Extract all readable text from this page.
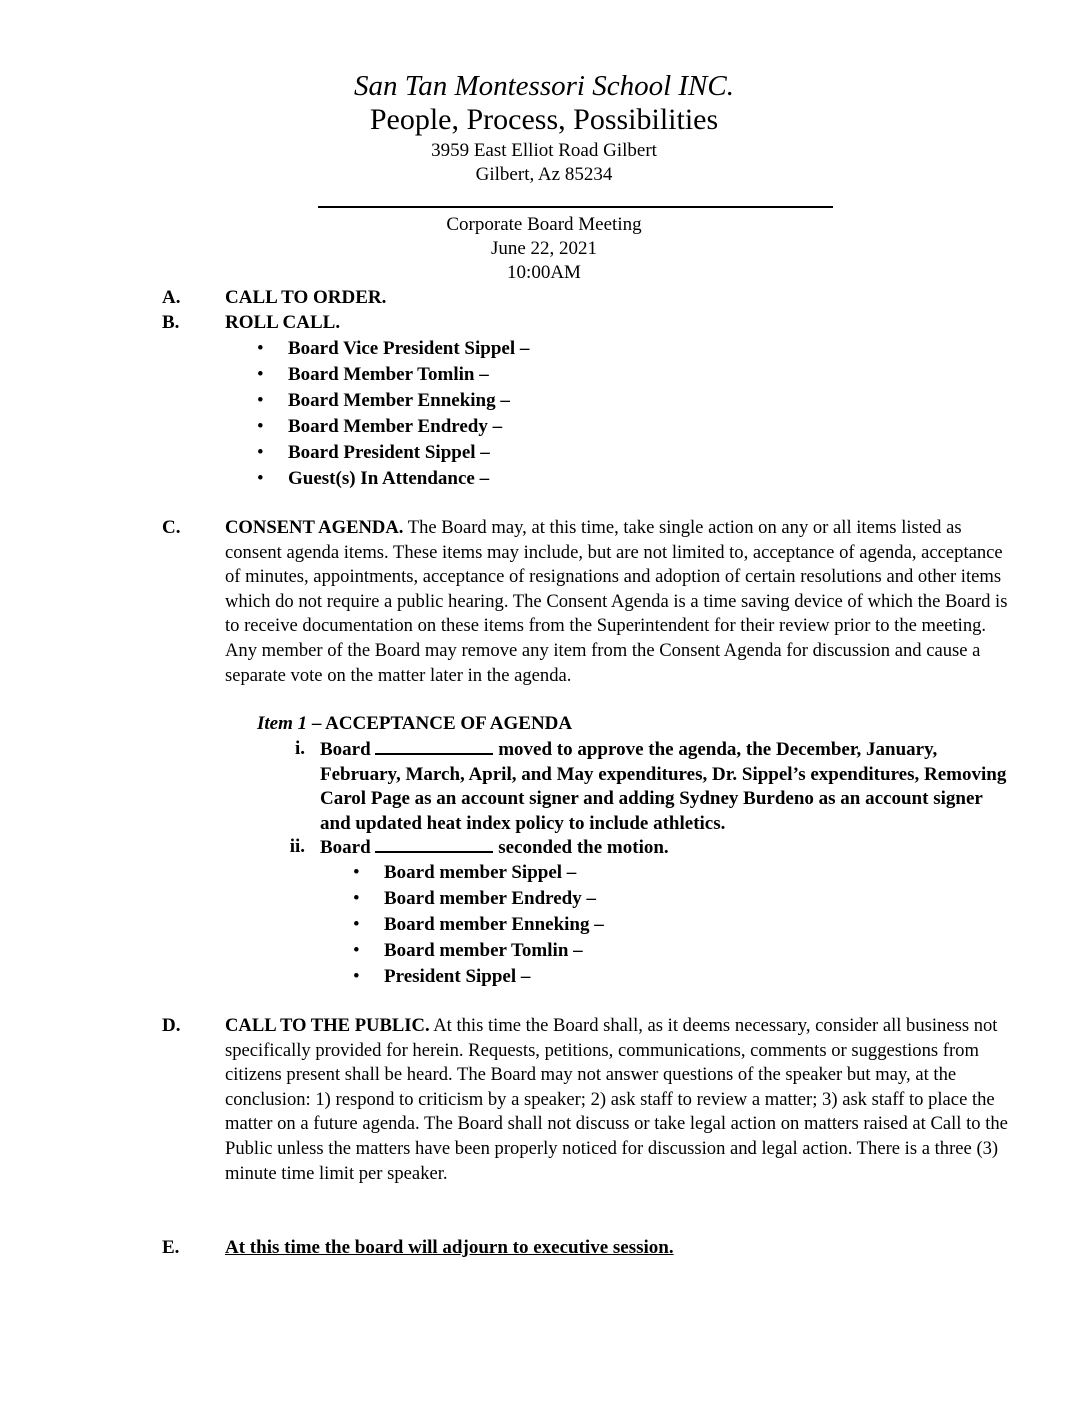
San Tan Montessori School INC.
People, Process, Possibilities
3959 East Elliot Road Gilbert
Gilbert, Az 85234
Corporate Board Meeting
June 22, 2021
10:00AM
A. CALL TO ORDER.
B. ROLL CALL.
• Board Vice President Sippel –
• Board Member Tomlin –
• Board Member Enneking –
• Board Member Endredy –
• Board President Sippel –
• Guest(s) In Attendance –
C. CONSENT AGENDA. The Board may, at this time, take single action on any or all items listed as consent agenda items. These items may include, but are not limited to, acceptance of agenda, acceptance of minutes, appointments, acceptance of resignations and adoption of certain resolutions and other items which do not require a public hearing. The Consent Agenda is a time saving device of which the Board is to receive documentation on these items from the Superintendent for their review prior to the meeting. Any member of the Board may remove any item from the Consent Agenda for discussion and cause a separate vote on the matter later in the agenda.
Item 1 – ACCEPTANCE OF AGENDA
i. Board	moved to approve the agenda, the December, January, February, March, April, and May expenditures, Dr. Sippel’s expenditures, Removing Carol Page as an account signer and adding Sydney Burdeno as an account signer and updated heat index policy to include athletics.
ii. Board	seconded the motion.
• Board member Sippel –
• Board member Endredy –
• Board member Enneking –
• Board member Tomlin –
• President Sippel –
D. CALL TO THE PUBLIC. At this time the Board shall, as it deems necessary, consider all business not specifically provided for herein. Requests, petitions, communications, comments or suggestions from citizens present shall be heard. The Board may not answer questions of the speaker but may, at the conclusion: 1) respond to criticism by a speaker; 2) ask staff to review a matter; 3) ask staff to place the matter on a future agenda. The Board shall not discuss or take legal action on matters raised at Call to the Public unless the matters have been properly noticed for discussion and legal action. There is a three (3) minute time limit per speaker.
E. At this time the board will adjourn to executive session.
